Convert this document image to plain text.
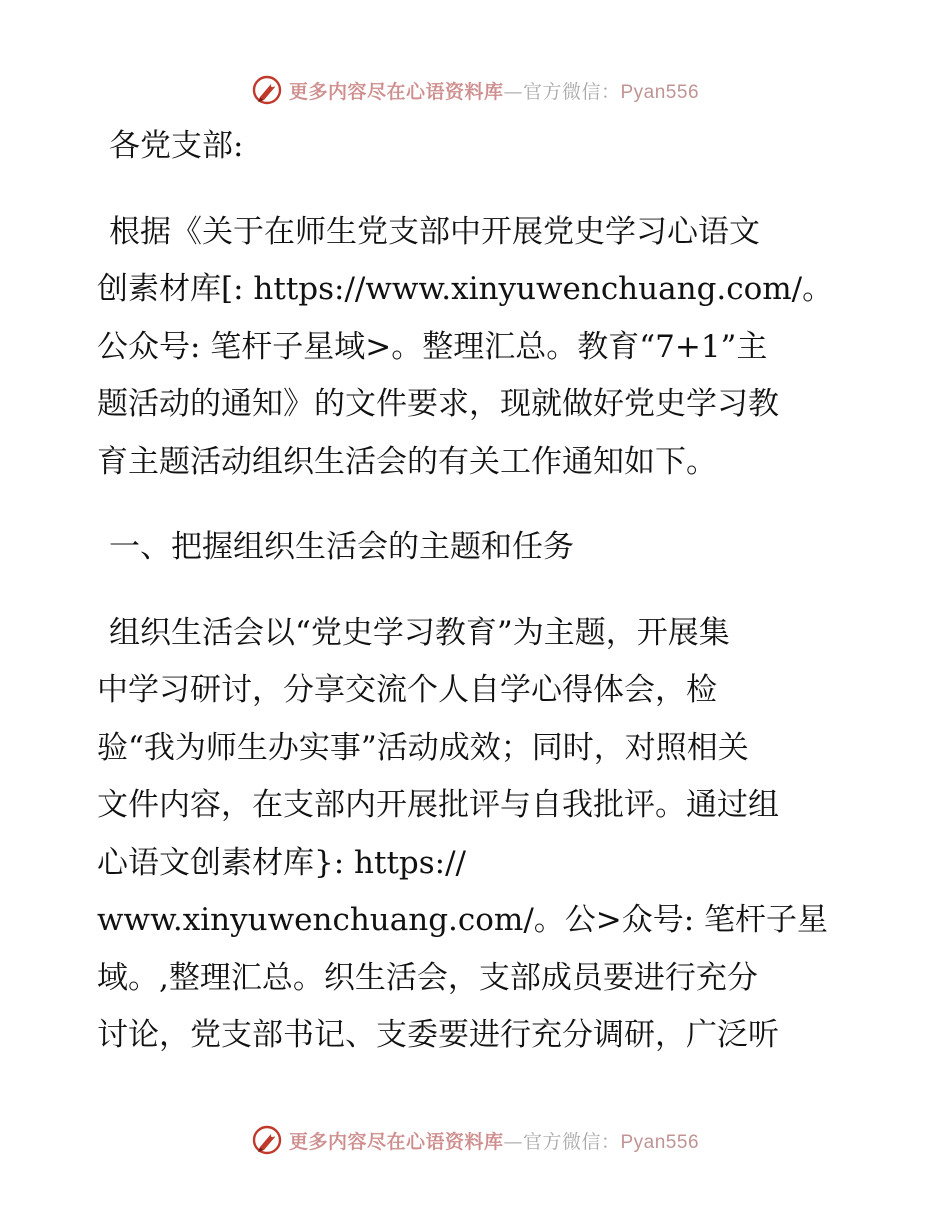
更多内容尽在心语资料库—官方微信：Pyan556
各党支部:
根据《关于在师生党支部中开展党史学习心语文
创素材库[: https://www.xinyuwenchuang.com/。
公众号: 笔杆子星域>。整理汇总。教育“7+1”主
题活动的通知》的文件要求，现就做好党史学习教
育主题活动组织生活会的有关工作通知如下。
一、把握组织生活会的主题和任务
组织生活会以“党史学习教育”为主题，开展集
中学习研讨，分享交流个人自学心得体会，检
验“我为师生办实事”活动成效；同时，对照相关
文件内容，在支部内开展批评与自我批评。通过组
心语文创素材库}: https://
www.xinyuwenchuang.com/。公>众号: 笔杆子星
域。,整理汇总。织生活会，支部成员要进行充分
讨论，党支部书记、支委要进行充分调研，广泛听
更多内容尽在心语资料库—官方微信：Pyan556
